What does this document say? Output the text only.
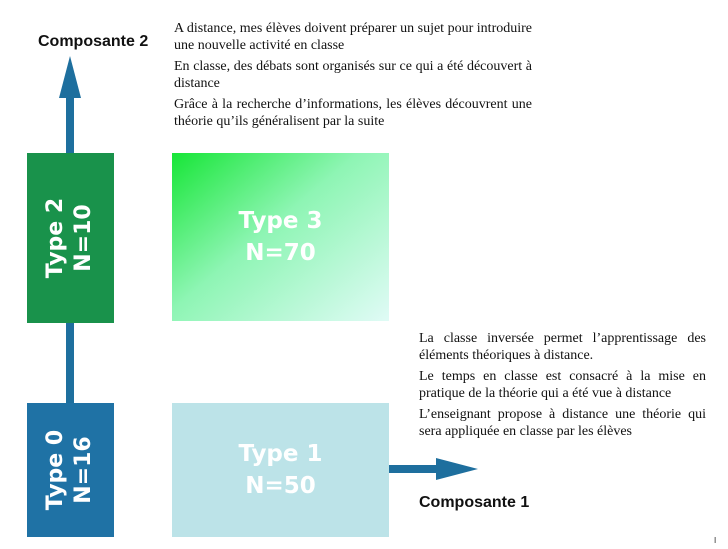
Composante 2
Composante 1
Type 2 N=10
Type 0 N=16
Type 3
N=70
Type 1
N=50

A distance, mes élèves doivent préparer un sujet pour introduire une nouvelle activité en classe

En classe, des débats sont organisés sur ce qui a été découvert à distance

Grâce à la recherche d’informations, les élèves découvrent une théorie qu’ils généralisent par la suite

La classe inversée permet l’apprentissage des éléments théoriques à distance.

Le temps en classe est consacré à la mise en pratique de la théorie qui a été vue à distance

L’enseignant propose à distance une théorie qui sera appliquée en classe par les élèves

I
